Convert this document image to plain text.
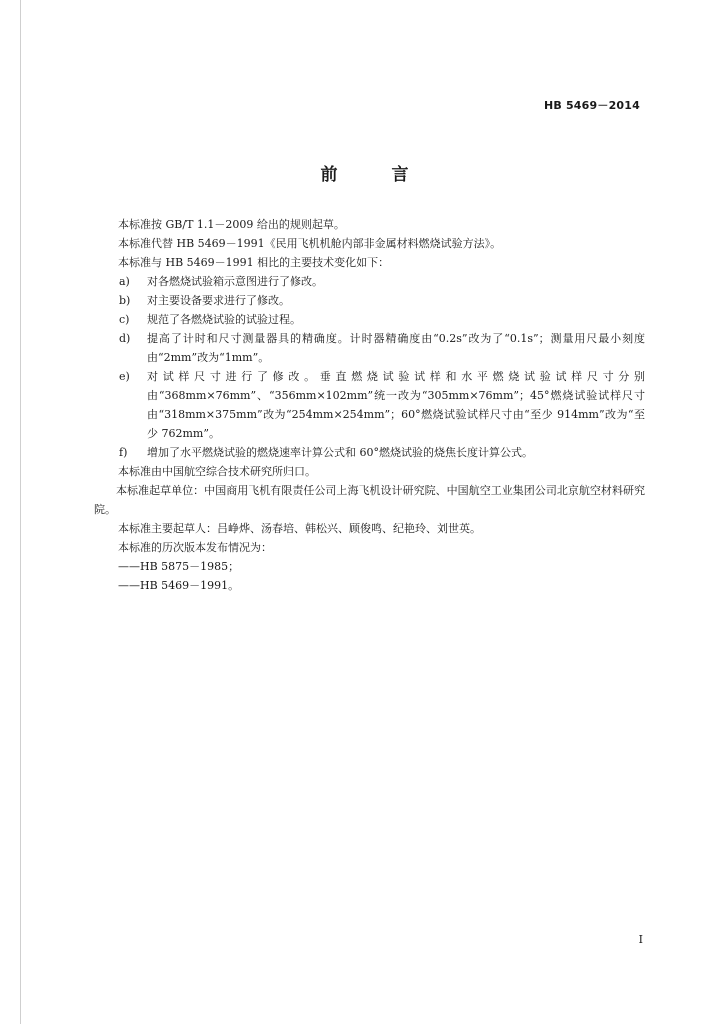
HB 5469－2014
前 言
本标准按 GB/T 1.1－2009 给出的规则起草。
本标准代替 HB 5469－1991《民用飞机机舱内部非金属材料燃烧试验方法》。
本标准与 HB 5469－1991 相比的主要技术变化如下：
a)	对各燃烧试验箱示意图进行了修改。
b)	对主要设备要求进行了修改。
c)	规范了各燃烧试验的试验过程。
d)	提高了计时和尺寸测量器具的精确度。计时器精确度由“0.2s”改为了“0.1s”；测量用尺最小刻度由“2mm”改为“1mm”。
e)	对试样尺寸进行了修改。垂直燃烧试验试样和水平燃烧试验试样尺寸分别由“368mm×76mm”、“356mm×102mm”统一改为“305mm×76mm”；45°燃烧试验试样尺寸由“318mm×375mm”改为“254mm×254mm”；60°燃烧试验试样尺寸由“至少 914mm”改为“至少 762mm”。
f)	增加了水平燃烧试验的燃烧速率计算公式和 60°燃烧试验的烧焦长度计算公式。
本标准由中国航空综合技术研究所归口。
本标准起草单位：中国商用飞机有限责任公司上海飞机设计研究院、中国航空工业集团公司北京航空材料研究院。
本标准主要起草人：吕峥烨、汤春培、韩松兴、顾俊鸣、纪艳玲、刘世英。
本标准的历次版本发布情况为：
——HB 5875－1985；
——HB 5469－1991。
I
